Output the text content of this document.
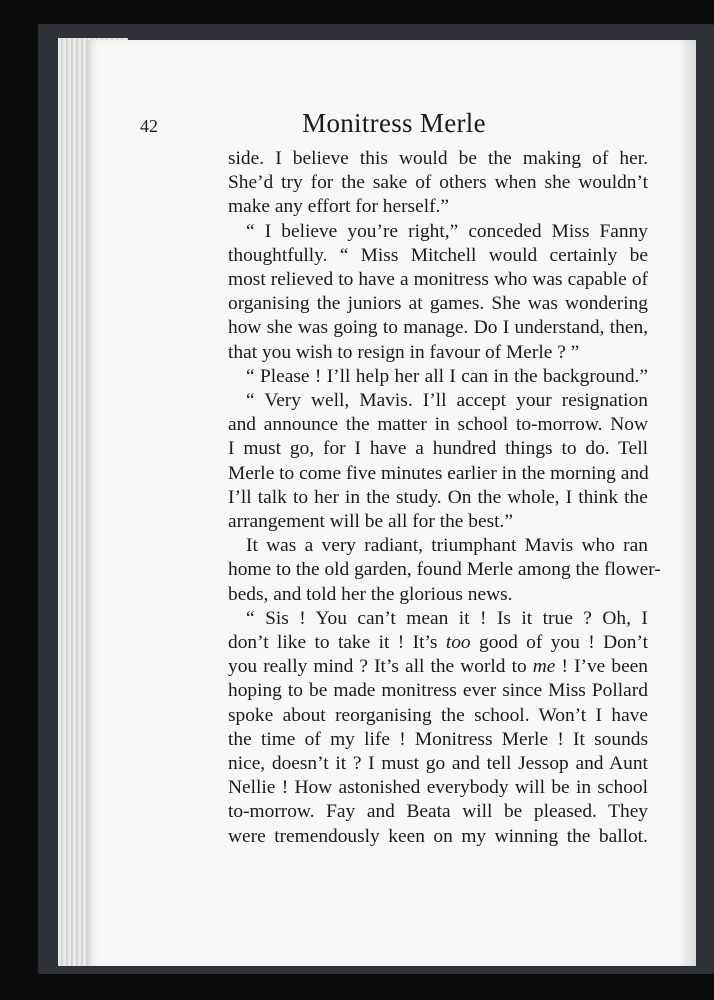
42	Monitress Merle
side. I believe this would be the making of her.
She’d try for the sake of others when she wouldn’t
make any effort for herself.”
“ I believe you’re right,” conceded Miss Fanny
thoughtfully. “ Miss Mitchell would certainly be
most relieved to have a monitress who was capable of
organising the juniors at games. She was wondering
how she was going to manage. Do I understand, then,
that you wish to resign in favour of Merle ? ”
“ Please ! I’ll help her all I can in the background.”
“ Very well, Mavis. I’ll accept your resignation
and announce the matter in school to-morrow. Now
I must go, for I have a hundred things to do. Tell
Merle to come five minutes earlier in the morning and
I’ll talk to her in the study. On the whole, I think the
arrangement will be all for the best.”
It was a very radiant, triumphant Mavis who ran
home to the old garden, found Merle among the flower-
beds, and told her the glorious news.
“ Sis ! You can’t mean it ! Is it true ? Oh, I
don’t like to take it ! It’s too good of you ! Don’t
you really mind ? It’s all the world to me ! I’ve been
hoping to be made monitress ever since Miss Pollard
spoke about reorganising the school. Won’t I have
the time of my life ! Monitress Merle ! It sounds
nice, doesn’t it ? I must go and tell Jessop and Aunt
Nellie ! How astonished everybody will be in school
to-morrow. Fay and Beata will be pleased. They
were tremendously keen on my winning the ballot.
